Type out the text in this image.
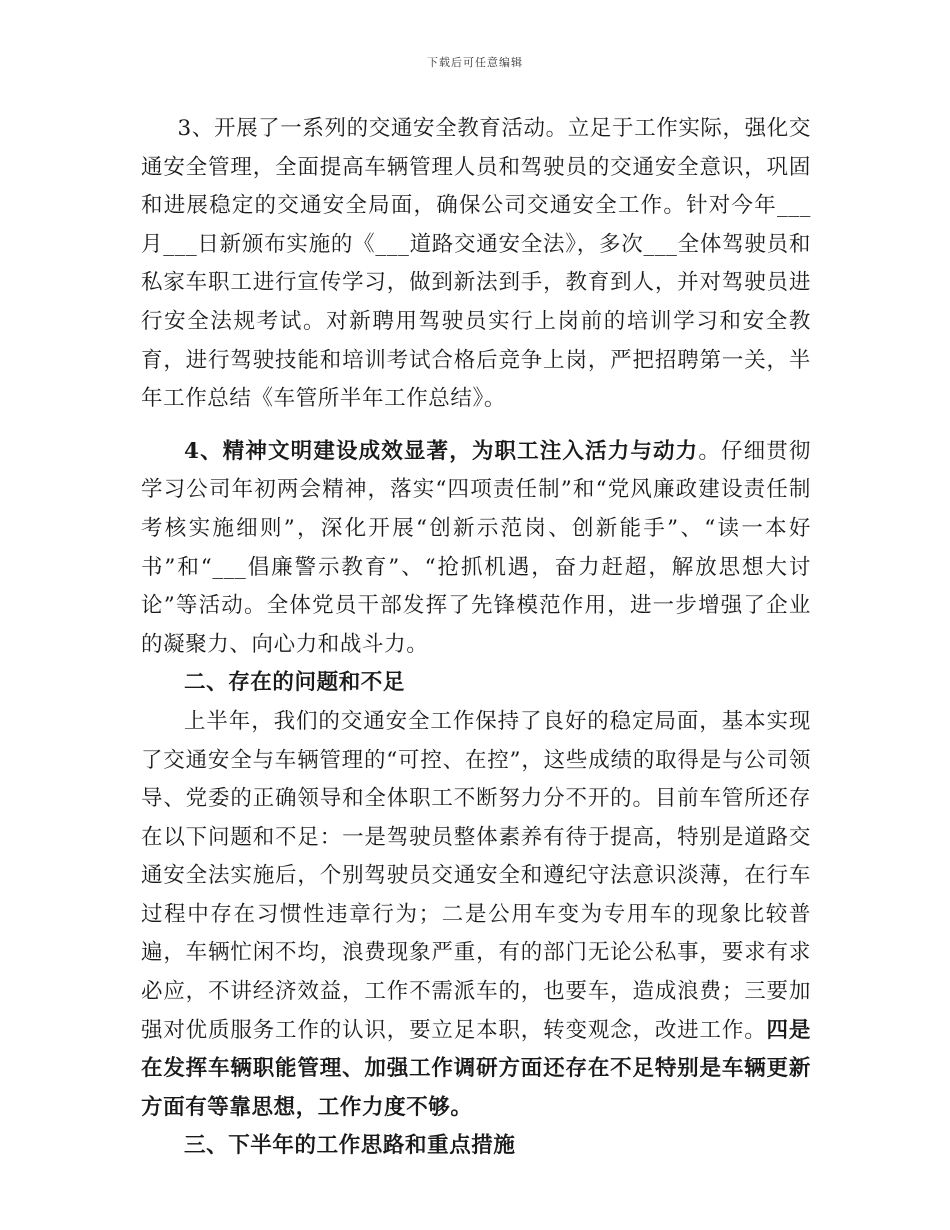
下载后可任意编辑

3、开展了一系列的交通安全教育活动。立足于工作实际，强化交通安全管理，全面提高车辆管理人员和驾驶员的交通安全意识，巩固和进展稳定的交通安全局面，确保公司交通安全工作。针对今年___月___日新颁布实施的《___道路交通安全法》，多次___全体驾驶员和私家车职工进行宣传学习，做到新法到手，教育到人，并对驾驶员进行安全法规考试。对新聘用驾驶员实行上岗前的培训学习和安全教育，进行驾驶技能和培训考试合格后竞争上岗，严把招聘第一关，半年工作总结《车管所半年工作总结》。

4、精神文明建设成效显著，为职工注入活力与动力。仔细贯彻学习公司年初两会精神，落实“四项责任制”和“党风廉政建设责任制考核实施细则”，深化开展“创新示范岗、创新能手”、“读一本好书”和“___倡廉警示教育”、“抢抓机遇，奋力赶超，解放思想大讨论”等活动。全体党员干部发挥了先锋模范作用，进一步增强了企业的凝聚力、向心力和战斗力。

二、存在的问题和不足

上半年，我们的交通安全工作保持了良好的稳定局面，基本实现了交通安全与车辆管理的“可控、在控”，这些成绩的取得是与公司领导、党委的正确领导和全体职工不断努力分不开的。目前车管所还存在以下问题和不足：一是驾驶员整体素养有待于提高，特别是道路交通安全法实施后，个别驾驶员交通安全和遵纪守法意识淡薄，在行车过程中存在习惯性违章行为；二是公用车变为专用车的现象比较普遍，车辆忙闲不均，浪费现象严重，有的部门无论公私事，要求有求必应，不讲经济效益，工作不需派车的，也要车，造成浪费；三要加强对优质服务工作的认识，要立足本职，转变观念，改进工作。四是在发挥车辆职能管理、加强工作调研方面还存在不足特别是车辆更新方面有等靠思想，工作力度不够。

三、下半年的工作思路和重点措施
